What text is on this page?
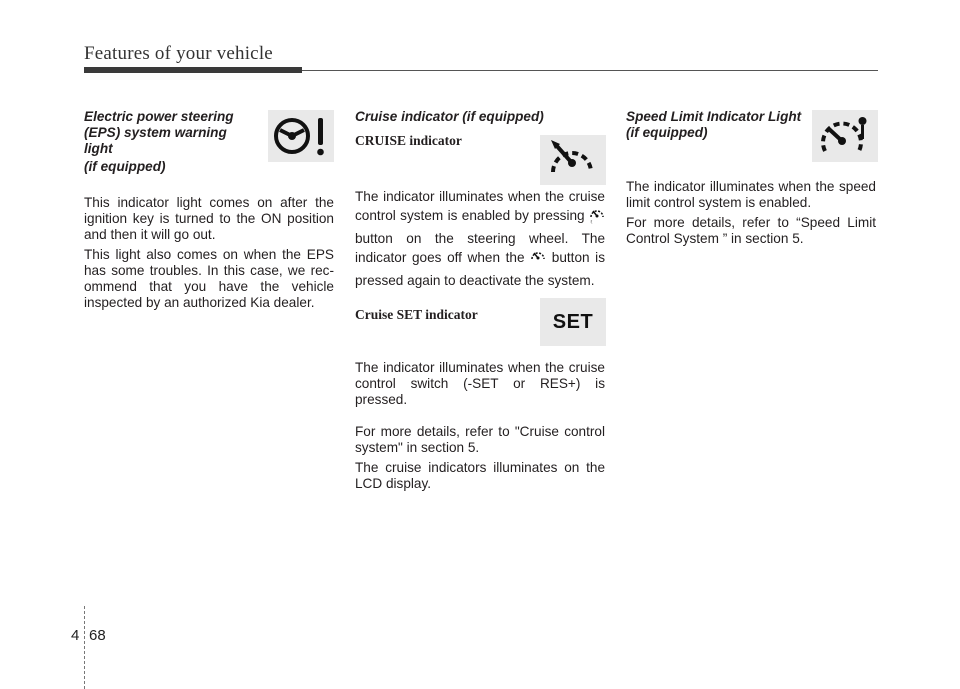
Features of your vehicle

Electric power steering

(EPS) system warning light

(if equipped)

This indicator light comes on after the ignition key is turned to the ON position and then it will go out.

This light also comes on when the EPS has some troubles. In this case, we rec-ommend that you have the vehicle inspected by an authorized Kia dealer.

Cruise indicator (if equipped)

CRUISE indicator

The indicator illuminates when the cruise control system is enabled by pressing ﾐ
button on the steering wheel. The indicator goes off when the button is pressed again to deactivate the system.

Cruise SET indicator

The indicator illuminates when the cruise control switch (-SET or RES+) is pressed.

For more details, refer to "Cruise control system" in section 5.

The cruise indicators illuminates on the LCD display.

SET

Speed Limit Indicator Light

(if equipped)

The indicator illuminates when the speed limit control system is enabled.

For more details, refer to “Speed Limit Control System ” in section 5.

4 68
